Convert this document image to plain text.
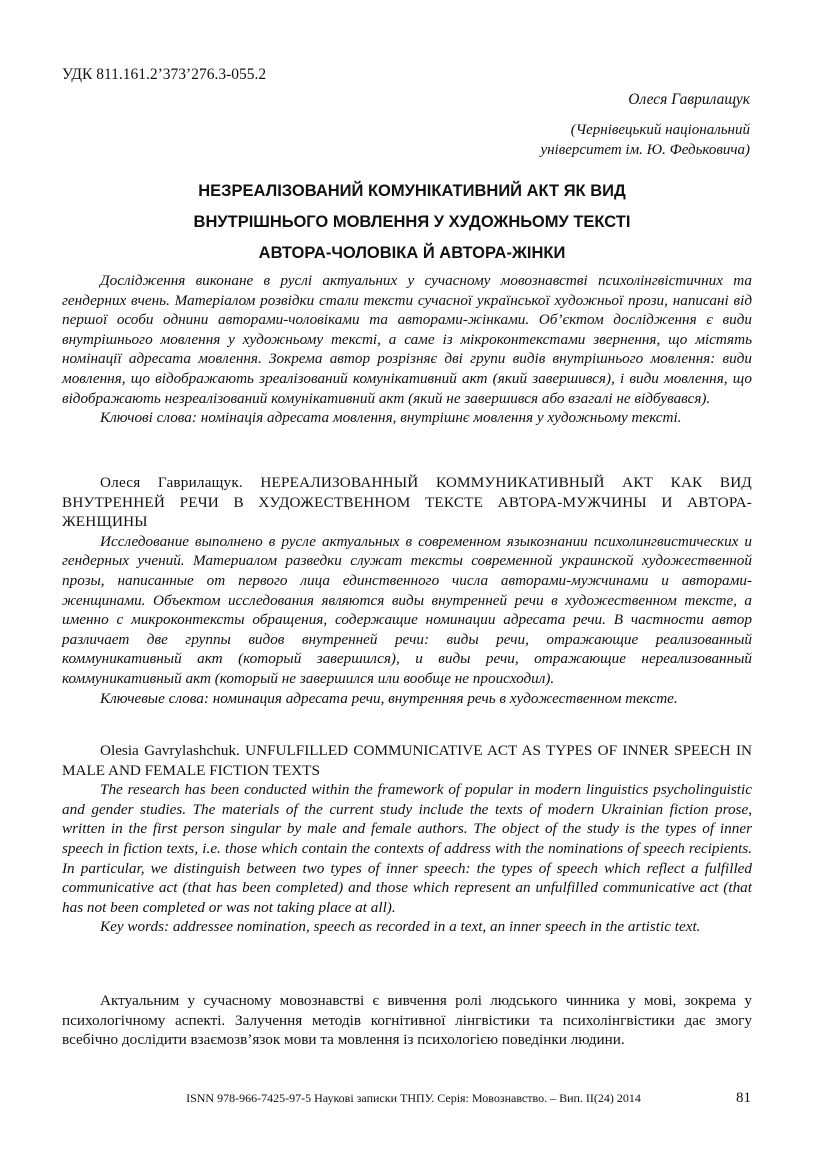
УДК 811.161.2’373’276.3-055.2
Олеся Гаврилащук
(Чернівецький національний
університет ім. Ю. Федьковича)
НЕЗРЕАЛІЗОВАНИЙ КОМУНІКАТИВНИЙ АКТ ЯК ВИД
ВНУТРІШНЬОГО МОВЛЕННЯ У ХУДОЖНЬОМУ ТЕКСТІ
АВТОРА-ЧОЛОВІКА Й АВТОРА-ЖІНКИ

Дослідження виконане в руслі актуальних у сучасному мовознавстві психолінгвістичних та гендерних вчень. Матеріалом розвідки стали тексти сучасної української художньої прози, написані від першої особи однини авторами-чоловіками та авторами-жінками. Об’єктом дослідження є види внутрішнього мовлення у художньому тексті, а саме із мікроконтекстами звернення, що містять номінації адресата мовлення. Зокрема автор розрізняє дві групи видів внутрішнього мовлення: види мовлення, що відображають зреалізований комунікативний акт (який завершився), і види мовлення, що відображають незреалізований комунікативний акт (який не завершився або взагалі не відбувався).

Ключові слова: номінація адресата мовлення, внутрішнє мовлення у художньому тексті.

Олеся Гаврилащук. НЕРЕАЛИЗОВАННЫЙ КОММУНИКАТИВНЫЙ АКТ КАК ВИД ВНУТРЕННЕЙ РЕЧИ В ХУДОЖЕСТВЕННОМ ТЕКСТЕ АВТОРА-МУЖЧИНЫ И АВТОРА-ЖЕНЩИНЫ

Исследование выполнено в русле актуальных в современном языкознании психолингвистических и гендерных учений. Материалом разведки служат тексты современной украинской художественной прозы, написанные от первого лица единственного числа авторами-мужчинами и авторами-женщинами. Объектом исследования являются виды внутренней речи в художественном тексте, а именно с микроконтексты обращения, содержащие номинации адресата речи. В частности автор различает две группы видов внутренней речи: виды речи, отражающие реализованный коммуникативный акт (который завершился), и виды речи, отражающие нереализованный коммуникативный акт (который не завершился или вообще не происходил).

Ключевые слова: номинация адресата речи, внутренняя речь в художественном тексте.

Olesia Gavrylashchuk. UNFULFILLED COMMUNICATIVE ACT AS TYPES OF INNER SPEECH IN MALE AND FEMALE FICTION TEXTS

The research has been conducted within the framework of popular in modern linguistics psycholinguistic and gender studies. The materials of the current study include the texts of modern Ukrainian fiction prose, written in the first person singular by male and female authors. The object of the study is the types of inner speech in fiction texts, i.e. those which contain the contexts of address with the nominations of speech recipients. In particular, we distinguish between two types of inner speech: the types of speech which reflect a fulfilled communicative act (that has been completed) and those which represent an unfulfilled communicative act (that has not been completed or was not taking place at all).

Key words: addressee nomination, speech as recorded in a text, an inner speech in the artistic text.

Актуальним у сучасному мовознавстві є вивчення ролі людського чинника у мові, зокрема у психологічному аспекті. Залучення методів когнітивної лінгвістики та психолінгвістики дає змогу всебічно дослідити взаємозв’язок мови та мовлення із психологією поведінки людини.

ISNN 978-966-7425-97-5 Наукові записки ТНПУ. Серія: Мовознавство. – Вип. ІІ(24) 2014	81
